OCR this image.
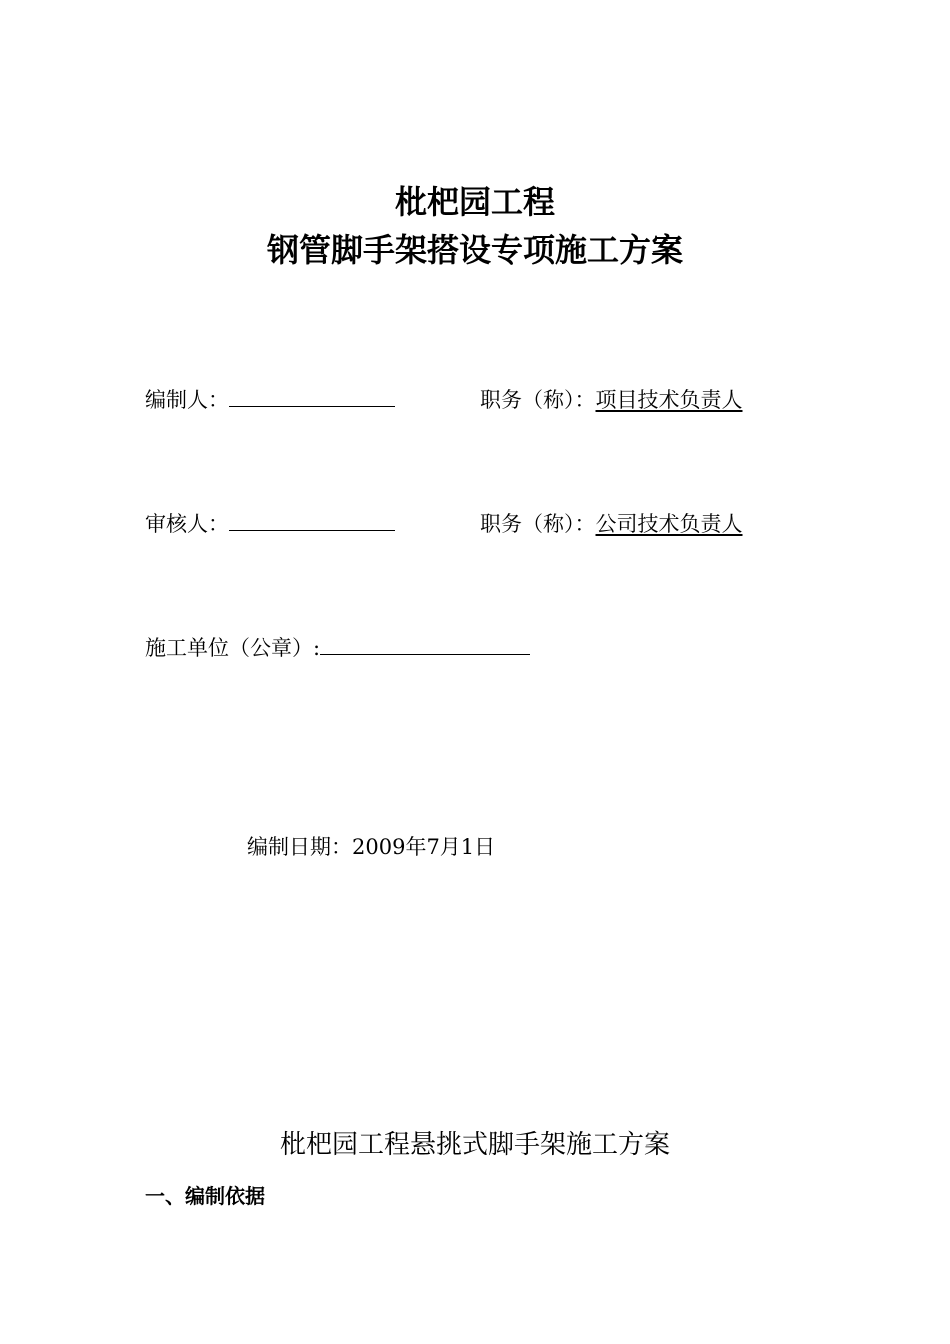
枇杷园工程
钢管脚手架搭设专项施工方案
编制人：	职务（称）：项目技术负责人
审核人：	职务（称）：公司技术负责人
施工单位（公章）:
编制日期：2009年7月1日
枇杷园工程悬挑式脚手架施工方案
一、编制依据
